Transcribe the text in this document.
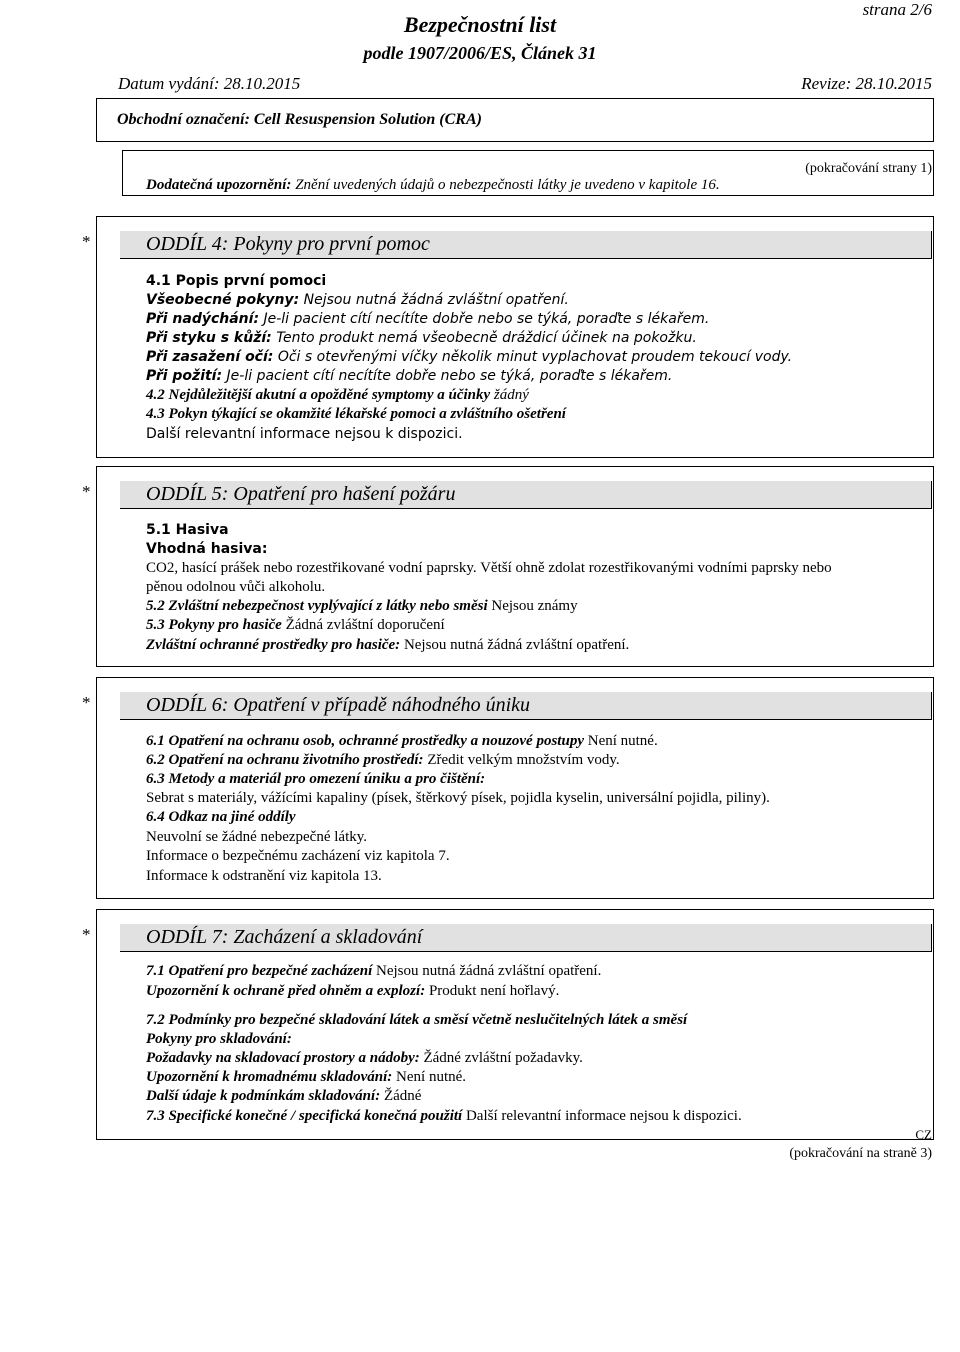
strana 2/6
Bezpečnostní list
podle 1907/2006/ES, Článek 31
Datum vydání: 28.10.2015	Revize: 28.10.2015
Obchodní označení: Cell Resuspension Solution (CRA)
(pokračování strany 1)
Dodatečná upozornění: Znění uvedených údajů o nebezpečnosti látky je uvedeno v kapitole 16.
*	ODDÍL 4: Pokyny pro první pomoc
4.1 Popis první pomoci
Všeobecné pokyny: Nejsou nutná žádná zvláštní opatření.
Při nadýchání: Je-li pacient cítí necítíte dobře nebo se týká, poraďte s lékařem.
Při styku s kůží: Tento produkt nemá všeobecně dráždicí účinek na pokožku.
Při zasažení očí: Oči s otevřenými víčky několik minut vyplachovat proudem tekoucí vody.
Při požití: Je-li pacient cítí necítíte dobře nebo se týká, poraďte s lékařem.
4.2 Nejdůležitější akutní a opožděné symptomy a účinky žádný
4.3 Pokyn týkající se okamžité lékařské pomoci a zvláštního ošetření
Další relevantní informace nejsou k dispozici.
*	ODDÍL 5: Opatření pro hašení požáru
5.1 Hasiva
Vhodná hasiva:
CO2, hasící prášek nebo rozestřikované vodní paprsky. Větší ohně zdolat rozestřikovanými vodními paprsky nebo
pěnou odolnou vůči alkoholu.
5.2 Zvláštní nebezpečnost vyplývající z látky nebo směsi Nejsou známy
5.3 Pokyny pro hasiče Žádná zvláštní doporučení
Zvláštní ochranné prostředky pro hasiče: Nejsou nutná žádná zvláštní opatření.
*	ODDÍL 6: Opatření v případě náhodného úniku
6.1 Opatření na ochranu osob, ochranné prostředky a nouzové postupy Není nutné.
6.2 Opatření na ochranu životního prostředí: Zředit velkým množstvím vody.
6.3 Metody a materiál pro omezení úniku a pro čištění:
Sebrat s materiály, vážícími kapaliny (písek, štěrkový písek, pojidla kyselin, universální pojidla, piliny).
6.4 Odkaz na jiné oddíly
Neuvolní se žádné nebezpečné látky.
Informace o bezpečnému zacházení viz kapitola 7.
Informace k odstranění viz kapitola 13.
*	ODDÍL 7: Zacházení a skladování
7.1 Opatření pro bezpečné zacházení Nejsou nutná žádná zvláštní opatření.
Upozornění k ochraně před ohněm a explozí: Produkt není hořlavý.
7.2 Podmínky pro bezpečné skladování látek a směsí včetně neslučitelných látek a směsí
Pokyny pro skladování:
Požadavky na skladovací prostory a nádoby: Žádné zvláštní požadavky.
Upozornění k hromadnému skladování: Není nutné.
Další údaje k podmínkám skladování: Žádné
7.3 Specifické konečné / specifická konečná použití Další relevantní informace nejsou k dispozici.
CZ
(pokračování na straně 3)
